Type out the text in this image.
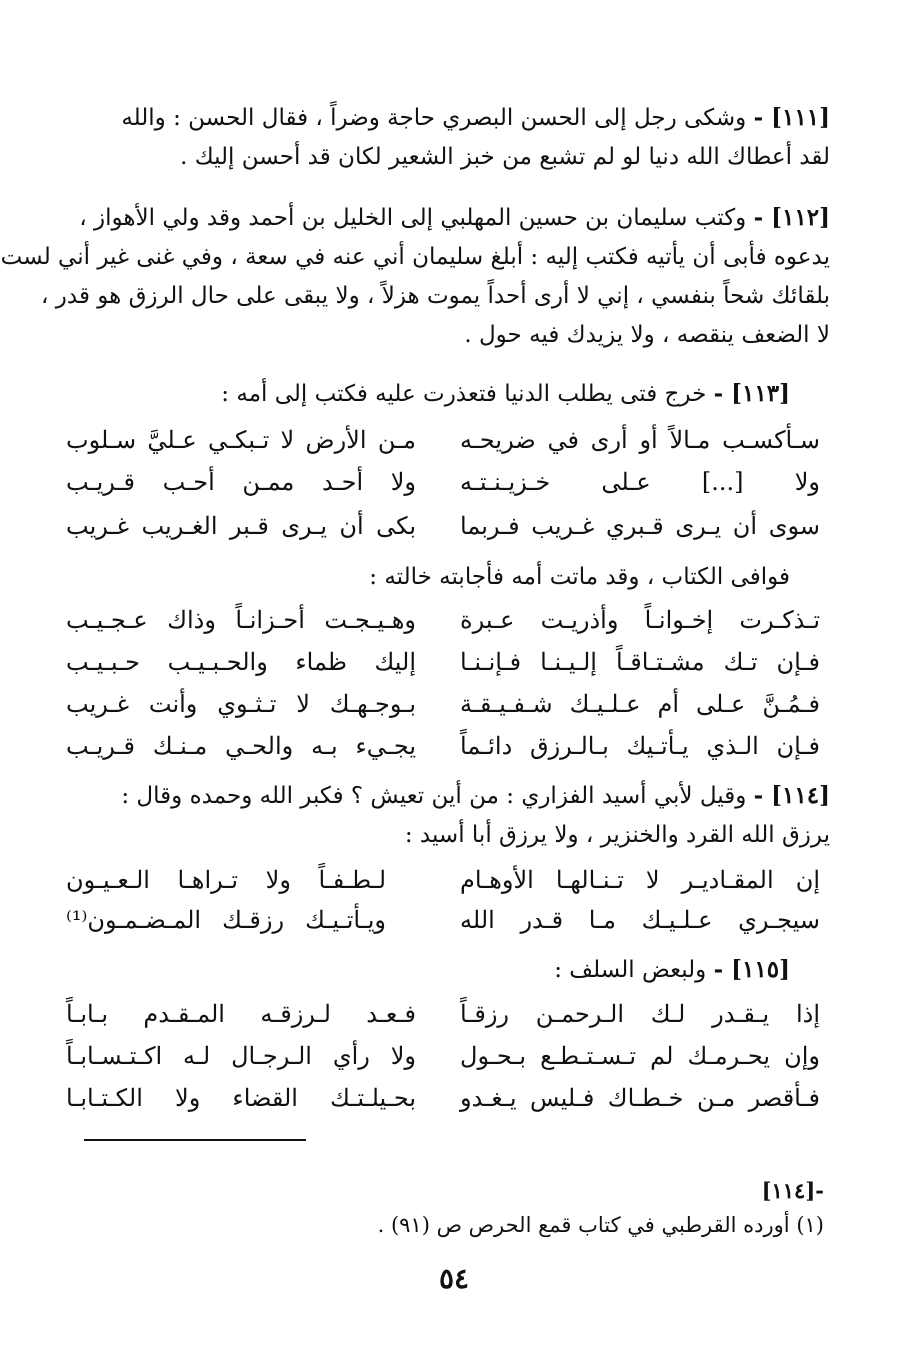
[١١١] - وشكى رجل إلى الحسن البصري حاجة وضراً ، فقال الحسن : والله
لقد أعطاك الله دنيا لو لم تشبع من خبز الشعير لكان قد أحسن إليك .
[١١٢] - وكتب سليمان بن حسين المهلبي إلى الخليل بن أحمد وقد ولي الأهواز ،
يدعوه فأبى أن يأتيه فكتب إليه : أبلغ سليمان أني عنه في سعة ، وفي غنى غير أني لست
بلقائك شحاً بنفسي ، إني لا أرى أحداً يموت هزلاً ، ولا يبقى على حال الرزق هو قدر ،
لا الضعف ينقصه ، ولا يزيدك فيه حول .
[١١٣] - خرج فتى يطلب الدنيا فتعذرت عليه فكتب إلى أمه :
سـأكسـب مـالاً أو أرى في ضريحـه
مـن الأرض لا تـبكـي عـليَّ سـلوب
ولا [...] عـلى خـزيـنـتـه
ولا أحـد ممـن أحـب قـريـب
سوى أن يـرى قـبري غـريب فـربما
بكى أن يـرى قـبر الغـريب غـريب
فوافى الكتاب ، وقد ماتت أمه فأجابته خالته :
تـذكـرت إخـوانـاً وأذريـت عـبرة
وهـيـجـت أحـزانـاً وذاك عـجـيـب
فـإن تـك مشـتـاقـاً إلـيـنـا فـإنـنـا
إليك ظماء والحـبـيـب حـبـيـب
فـمُـنَّ عـلى أم عـلـيـك شـفـيـقـة
بـوجـهـك لا تـثـوي وأنت غـريب
فـإن الـذي يـأتـيك بـالـرزق دائـماً
يجـيء بـه والحـي مـنـك قـريـب
[١١٤] - وقيل لأبي أسيد الفزاري : من أين تعيش ؟ فكبر الله وحمده وقال :
يرزق الله القرد والخنزير ، ولا يرزق أبا أسيد :
إن المقـاديـر لا تـنـالهـا الأوهـام
لـطـفـاً ولا تـراهـا الـعـيـون
سيجـري عـلـيـك مـا قـدر الله
ويـأتـيـك رزقـك المـضـمـون⁽¹⁾
[١١٥] - ولبعض السلف :
إذا يـقـدر لـك الـرحمـن رزقـاً
فـعـد لـرزقـه المـقـدم بـابـاً
وإن يحـرمـك لم تـسـتـطـع بـحـول
ولا رأي الـرجـال لـه اكـتـسـابـاً
فـأقصر مـن خـطـاك فـليس يـغـدو
بحـيلـتـك القضاء ولا الكـتـابـا
-[١١٤]
(١) أورده القرطبي في كتاب قمع الحرص ص (٩١) .
٥٤
